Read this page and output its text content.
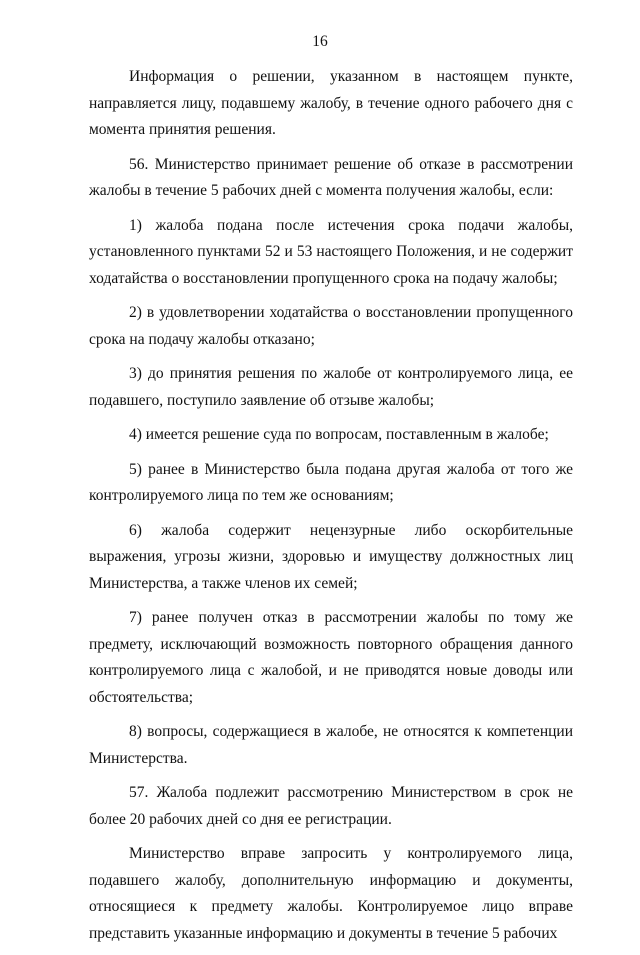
16

Информация о решении, указанном в настоящем пункте, направляется лицу, подавшему жалобу, в течение одного рабочего дня с момента принятия решения.

56. Министерство принимает решение об отказе в рассмотрении жалобы в течение 5 рабочих дней с момента получения жалобы, если:

1) жалоба подана после истечения срока подачи жалобы, установленного пунктами 52 и 53 настоящего Положения, и не содержит ходатайства о восстановлении пропущенного срока на подачу жалобы;

2) в удовлетворении ходатайства о восстановлении пропущенного срока на подачу жалобы отказано;

3) до принятия решения по жалобе от контролируемого лица, ее подавшего, поступило заявление об отзыве жалобы;

4) имеется решение суда по вопросам, поставленным в жалобе;

5) ранее в Министерство была подана другая жалоба от того же контролируемого лица по тем же основаниям;

6) жалоба содержит нецензурные либо оскорбительные выражения, угрозы жизни, здоровью и имуществу должностных лиц Министерства, а также членов их семей;

7) ранее получен отказ в рассмотрении жалобы по тому же предмету, исключающий возможность повторного обращения данного контролируемого лица с жалобой, и не приводятся новые доводы или обстоятельства;

8) вопросы, содержащиеся в жалобе, не относятся к компетенции Министерства.

57. Жалоба подлежит рассмотрению Министерством в срок не более 20 рабочих дней со дня ее регистрации.

Министерство вправе запросить у контролируемого лица, подавшего жалобу, дополнительную информацию и документы, относящиеся к предмету жалобы. Контролируемое лицо вправе представить указанные информацию и документы в течение 5 рабочих
